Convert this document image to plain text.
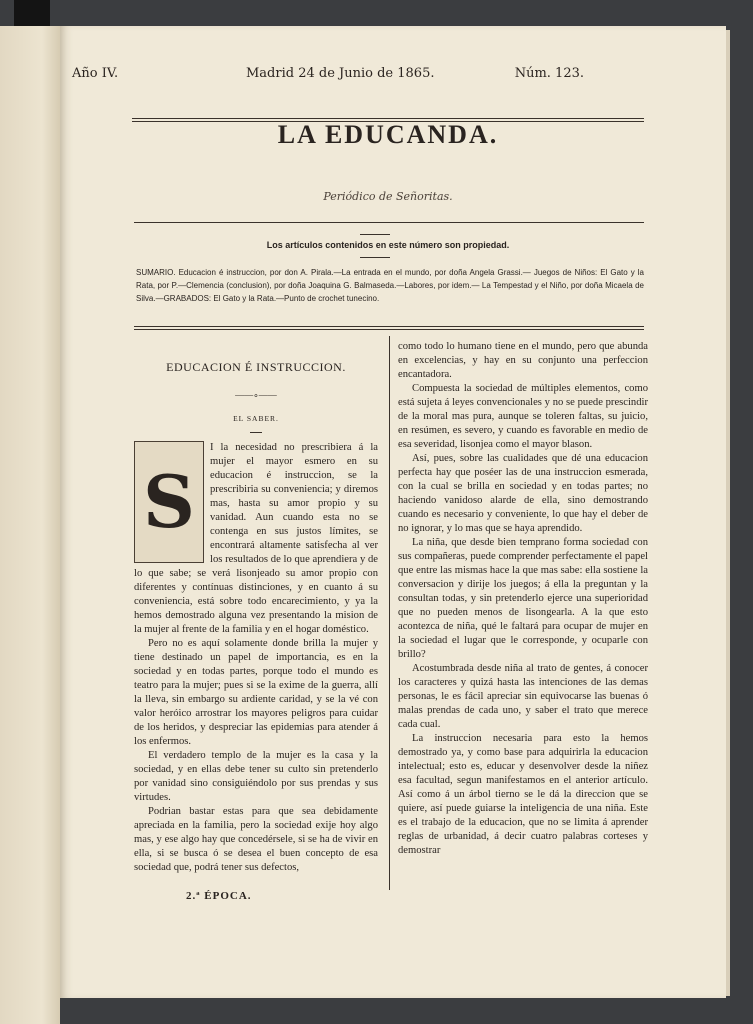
Año IV.	Madrid 24 de Junio de 1865.	Núm. 123.
LA EDUCANDA.
Periódico de Señoritas.
Los artículos contenidos en este número son propiedad.
SUMARIO. Educacion é instruccion, por don A. Pirala.—La entrada en el mundo, por doña Angela Grassi.— Juegos de Niños: El Gato y la Rata, por P.—Clemencia (conclusion), por doña Joaquina G. Balmaseda.—Labores, por idem.— La Tempestad y el Niño, por doña Micaela de Silva.—GRABADOS: El Gato y la Rata.—Punto de crochet tunecino.

EDUCACION É INSTRUCCION.

——∘——

EL SABER.

S

I la necesidad no prescribiera á la mujer el mayor esmero en su educacion é instruccion, se la prescribiria su conveniencia; y diremos mas, hasta su amor propio y su vanidad. Aun cuando esta no se contenga en sus justos límites, se encontrará altamente satisfecha al ver los resultados de lo que aprendiera y de lo que sabe; se verá lisonjeado su amor propio con diferentes y contínuas distinciones, y en cuanto á su conveniencia, está sobre todo encarecimiento, y ya la hemos demostrado alguna vez presentando la mision de la mujer al frente de la familia y en el hogar doméstico.

Pero no es aquí solamente donde brilla la mujer y tiene destinado un papel de importancia, es en la sociedad y en todas partes, porque todo el mundo es teatro para la mujer; pues si se la exime de la guerra, allí la lleva, sin embargo su ardiente caridad, y se la vé con valor heróico arrostrar los mayores peligros para cuidar de los heridos, y despreciar las epidemias para atender á los enfermos.

El verdadero templo de la mujer es la casa y la sociedad, y en ellas debe tener su culto sin pretenderlo por vanidad sino consiguiéndolo por sus prendas y sus virtudes.

Podrian bastar estas para que sea debidamente apreciada en la familia, pero la sociedad exije hoy algo mas, y ese algo hay que concedérsele, si se ha de vivir en ella, si se busca ó se desea el buen concepto de esa sociedad que, podrá tener sus defectos,

como todo lo humano tiene en el mundo, pero que abunda en excelencias, y hay en su conjunto una perfeccion encantadora.

Compuesta la sociedad de múltiples elementos, como está sujeta á leyes convencionales y no se puede prescindir de la moral mas pura, aunque se toleren faltas, su juicio, en resúmen, es severo, y cuando es favorable en medio de esa severidad, lisonjea como el mayor blason.

Así, pues, sobre las cualidades que dé una educacion perfecta hay que poséer las de una instruccion esmerada, con la cual se brilla en sociedad y en todas partes; no haciendo vanidoso alarde de ella, sino demostrando cuando es necesario y conveniente, lo que hay el deber de no ignorar, y lo mas que se haya aprendido.

La niña, que desde bien temprano forma sociedad con sus compañeras, puede comprender perfectamente el papel que entre las mismas hace la que mas sabe: ella sostiene la conversacion y dirije los juegos; á ella la preguntan y la consultan todas, y sin pretenderlo ejerce una superioridad que no pueden menos de lisongearla. A la que esto acontezca de niña, qué le faltará para ocupar de mujer en la sociedad el lugar que le corresponde, y ocuparle con brillo?

Acostumbrada desde niña al trato de gentes, á conocer los caracteres y quizá hasta las intenciones de las demas personas, le es fácil apreciar sin equivocarse las buenas ó malas prendas de cada uno, y saber el trato que merece cada cual.

La instruccion necesaria para esto la hemos demostrado ya, y como base para adquirirla la educacion intelectual; esto es, educar y desenvolver desde la niñez esa facultad, segun manifestamos en el anterior artículo. Así como á un árbol tierno se le dá la direccion que se quiere, así puede guiarse la inteligencia de una niña. Este es el trabajo de la educacion, que no se limita á aprender reglas de urbanidad, á decir cuatro palabras corteses y demostrar

2.ª ÉPOCA.
